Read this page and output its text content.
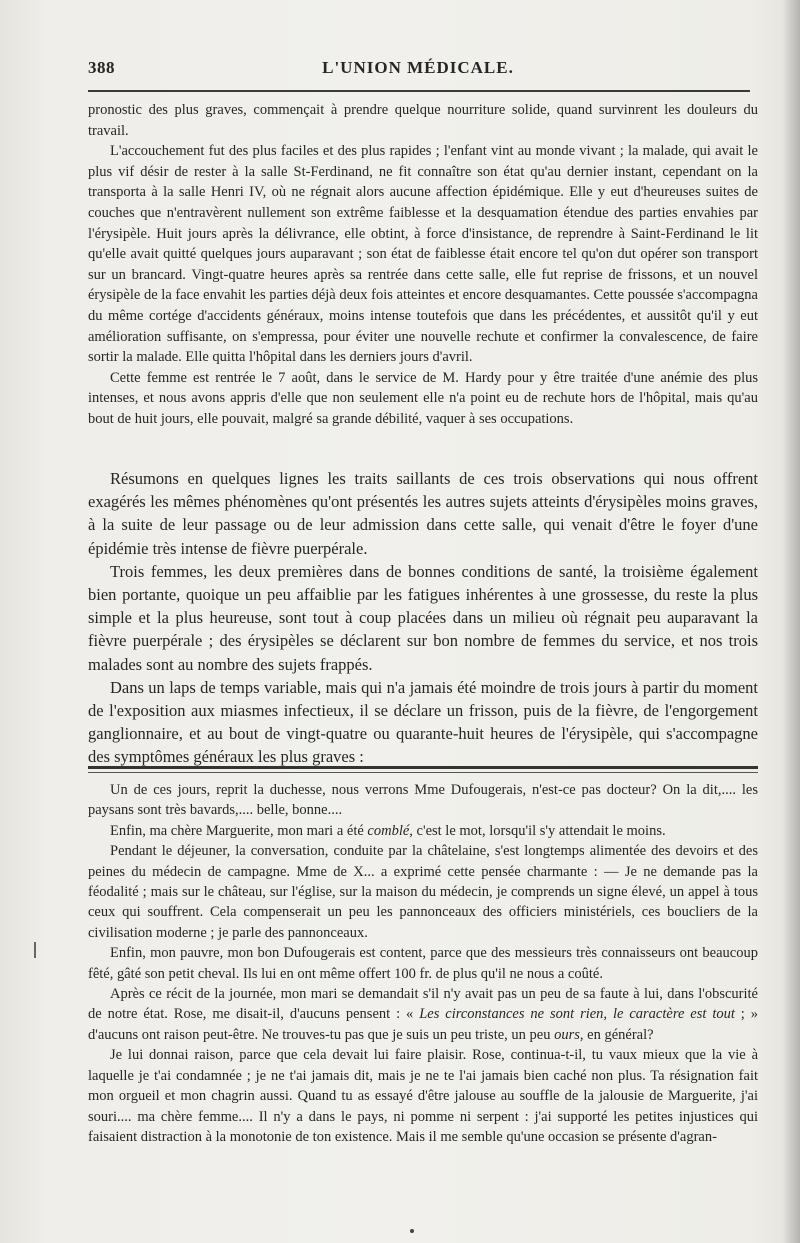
388	L'UNION MÉDICALE.

pronostic des plus graves, commençait à prendre quelque nourriture solide, quand survinrent les douleurs du travail.

L'accouchement fut des plus faciles et des plus rapides ; l'enfant vint au monde vivant ; la malade, qui avait le plus vif désir de rester à la salle St-Ferdinand, ne fit connaître son état qu'au dernier instant, cependant on la transporta à la salle Henri IV, où ne régnait alors aucune affection épidémique. Elle y eut d'heureuses suites de couches que n'entravèrent nullement son extrême faiblesse et la desquamation étendue des parties envahies par l'érysipèle. Huit jours après la délivrance, elle obtint, à force d'insistance, de reprendre à Saint-Ferdinand le lit qu'elle avait quitté quelques jours auparavant ; son état de faiblesse était encore tel qu'on dut opérer son transport sur un brancard. Vingt-quatre heures après sa rentrée dans cette salle, elle fut reprise de frissons, et un nouvel érysipèle de la face envahit les parties déjà deux fois atteintes et encore desquamantes. Cette poussée s'accompagna du même cortége d'accidents généraux, moins intense toutefois que dans les précédentes, et aussitôt qu'il y eut amélioration suffisante, on s'empressa, pour éviter une nouvelle rechute et confirmer la convalescence, de faire sortir la malade. Elle quitta l'hôpital dans les derniers jours d'avril.

Cette femme est rentrée le 7 août, dans le service de M. Hardy pour y être traitée d'une anémie des plus intenses, et nous avons appris d'elle que non seulement elle n'a point eu de rechute hors de l'hôpital, mais qu'au bout de huit jours, elle pouvait, malgré sa grande débilité, vaquer à ses occupations.

Résumons en quelques lignes les traits saillants de ces trois observations qui nous offrent exagérés les mêmes phénomènes qu'ont présentés les autres sujets atteints d'érysipèles moins graves, à la suite de leur passage ou de leur admission dans cette salle, qui venait d'être le foyer d'une épidémie très intense de fièvre puerpérale.

Trois femmes, les deux premières dans de bonnes conditions de santé, la troisième également bien portante, quoique un peu affaiblie par les fatigues inhérentes à une grossesse, du reste la plus simple et la plus heureuse, sont tout à coup placées dans un milieu où régnait peu auparavant la fièvre puerpérale ; des érysipèles se déclarent sur bon nombre de femmes du service, et nos trois malades sont au nombre des sujets frappés.

Dans un laps de temps variable, mais qui n'a jamais été moindre de trois jours à partir du moment de l'exposition aux miasmes infectieux, il se déclare un frisson, puis de la fièvre, de l'engorgement ganglionnaire, et au bout de vingt-quatre ou quarante-huit heures de l'érysipèle, qui s'accompagne des symptômes généraux les plus graves :

Un de ces jours, reprit la duchesse, nous verrons Mme Dufougerais, n'est-ce pas docteur? On la dit,.... les paysans sont très bavards,.... belle, bonne....

Enfin, ma chère Marguerite, mon mari a été comblé, c'est le mot, lorsqu'il s'y attendait le moins.

Pendant le déjeuner, la conversation, conduite par la châtelaine, s'est longtemps alimentée des devoirs et des peines du médecin de campagne. Mme de X... a exprimé cette pensée charmante : — Je ne demande pas la féodalité ; mais sur le château, sur l'église, sur la maison du médecin, je comprends un signe élevé, un appel à tous ceux qui souffrent. Cela compenserait un peu les pannonceaux des officiers ministériels, ces boucliers de la civilisation moderne ; je parle des pannonceaux.

Enfin, mon pauvre, mon bon Dufougerais est content, parce que des messieurs très connaisseurs ont beaucoup fêté, gâté son petit cheval. Ils lui en ont même offert 100 fr. de plus qu'il ne nous a coûté.

Après ce récit de la journée, mon mari se demandait s'il n'y avait pas un peu de sa faute à lui, dans l'obscurité de notre état. Rose, me disait-il, d'aucuns pensent : « Les circonstances ne sont rien, le caractère est tout ; » d'aucuns ont raison peut-être. Ne trouves-tu pas que je suis un peu triste, un peu ours, en général?

Je lui donnai raison, parce que cela devait lui faire plaisir. Rose, continua-t-il, tu vaux mieux que la vie à laquelle je t'ai condamnée ; je ne t'ai jamais dit, mais je ne te l'ai jamais bien caché non plus. Ta résignation fait mon orgueil et mon chagrin aussi. Quand tu as essayé d'être jalouse au souffle de la jalousie de Marguerite, j'ai souri.... ma chère femme.... Il n'y a dans le pays, ni pomme ni serpent : j'ai supporté les petites injustices qui faisaient distraction à la monotonie de ton existence. Mais il me semble qu'une occasion se présente d'agran-
